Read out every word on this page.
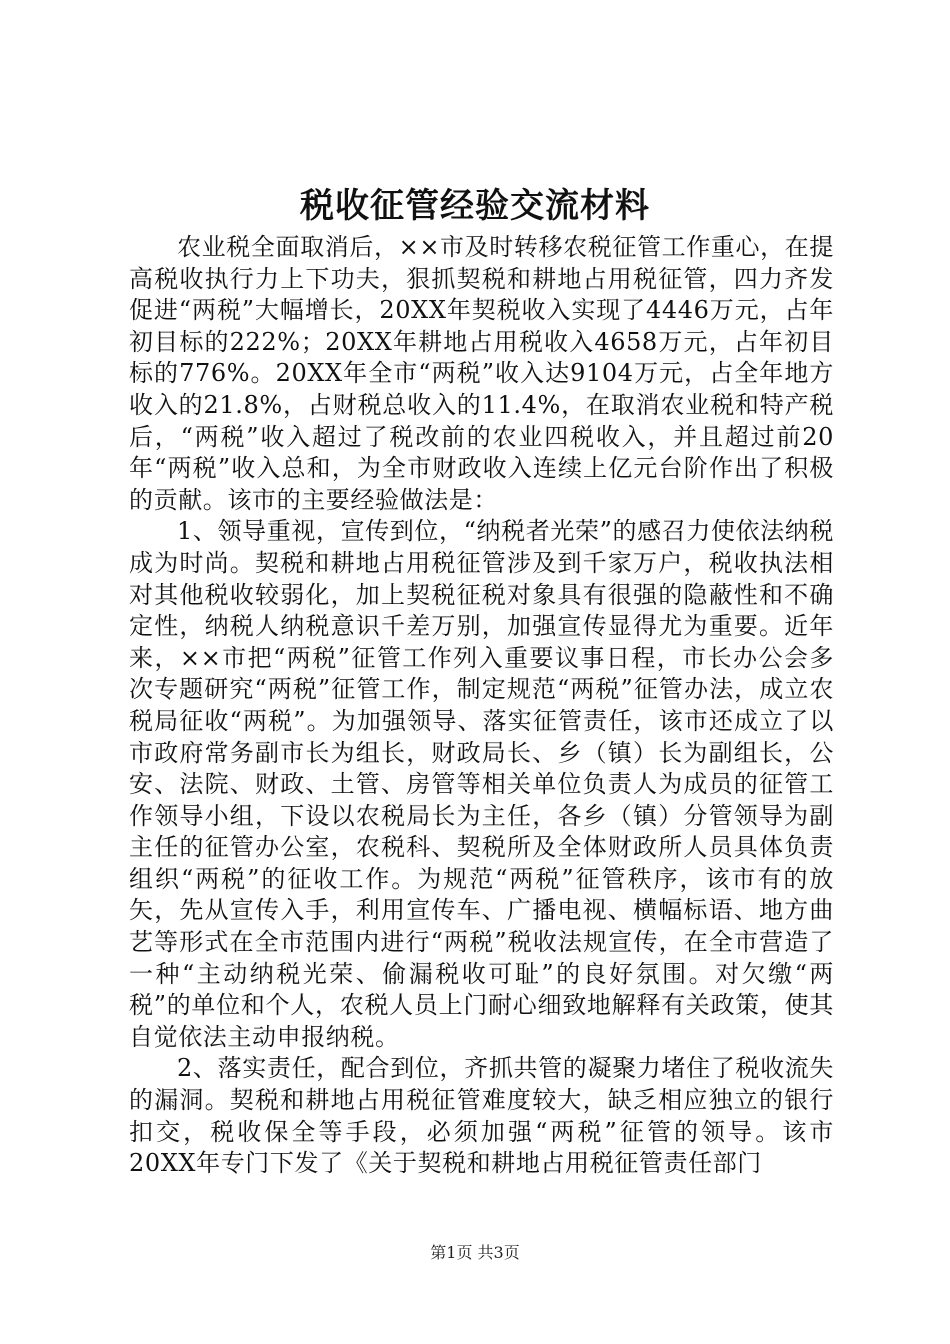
税收征管经验交流材料

农业税全面取消后，××市及时转移农税征管工作重心，在提高税收执行力上下功夫，狠抓契税和耕地占用税征管，四力齐发促进“两税”大幅增长，20XX年契税收入实现了4446万元，占年初目标的222%；20XX年耕地占用税收入4658万元，占年初目标的776%。20XX年全市“两税”收入达9104万元，占全年地方收入的21.8%，占财税总收入的11.4%，在取消农业税和特产税后，“两税”收入超过了税改前的农业四税收入，并且超过前20年“两税”收入总和，为全市财政收入连续上亿元台阶作出了积极的贡献。该市的主要经验做法是：

1、领导重视，宣传到位，“纳税者光荣”的感召力使依法纳税成为时尚。契税和耕地占用税征管涉及到千家万户，税收执法相对其他税收较弱化，加上契税征税对象具有很强的隐蔽性和不确定性，纳税人纳税意识千差万别，加强宣传显得尤为重要。近年来，××市把“两税”征管工作列入重要议事日程，市长办公会多次专题研究“两税”征管工作，制定规范“两税”征管办法，成立农税局征收“两税”。为加强领导、落实征管责任，该市还成立了以市政府常务副市长为组长，财政局长、乡（镇）长为副组长，公安、法院、财政、土管、房管等相关单位负责人为成员的征管工作领导小组，下设以农税局长为主任，各乡（镇）分管领导为副主任的征管办公室，农税科、契税所及全体财政所人员具体负责组织“两税”的征收工作。为规范“两税”征管秩序，该市有的放矢，先从宣传入手，利用宣传车、广播电视、横幅标语、地方曲艺等形式在全市范围内进行“两税”税收法规宣传，在全市营造了一种“主动纳税光荣、偷漏税收可耻”的良好氛围。对欠缴“两税”的单位和个人，农税人员上门耐心细致地解释有关政策，使其自觉依法主动申报纳税。

2、落实责任，配合到位，齐抓共管的凝聚力堵住了税收流失的漏洞。契税和耕地占用税征管难度较大，缺乏相应独立的银行扣交，税收保全等手段，必须加强“两税”征管的领导。该市20XX年专门下发了《关于契税和耕地占用税征管责任部门

第1页 共3页
